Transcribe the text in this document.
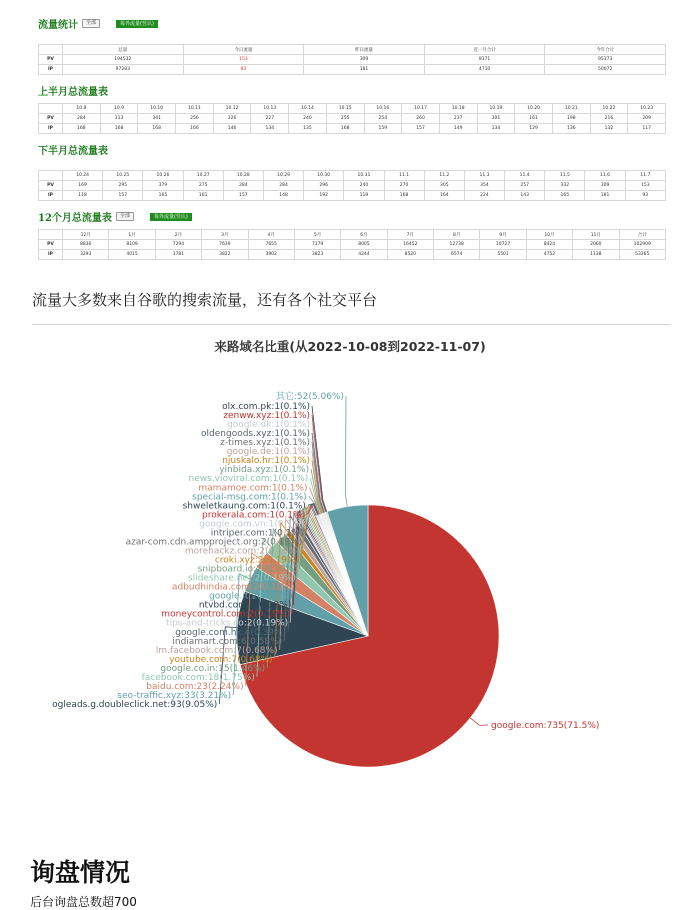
流量统计	全部	每外流量(竖认)
	总量	今日流量	昨日流量	近一月合计	今年合计
PV	194532	153	309	8371	95373
IP	97283	83	181	4710	50072
上半月总流量表
	10.8	10.9	10.10	10.11	10.12	10.13	10.14	10.15	10.16	10.17	10.18	10.19	10.20	10.21	10.22	10.23
PV	284	313	341	256	326	227	240	255	254	260	237	301	161	198	216	209
IP	168	168	168	166	146	134	135	168	159	157	149	134	129	136	132	117
下半月总流量表
	10.24	10.25	10.26	10.27	10.28	10.29	10.30	10.31	11.1	11.2	11.3	11.4	11.5	11.6	11.7
PV	169	295	379	275	284	284	296	240	270	305	354	257	332	309	153
IP	118	157	165	161	157	148	192	119	168	164	224	143	165	181	93
12个月总流量表	全部	每外流量(竖认)
	12月	1月	2月	3月	4月	5月	6月	7月	8月	9月	10月	11月	合计
PV	8836	8109	7294	7639	7655	7179	8005	16452	12738	10727	8424	2060	102909
IP	3293	4015	3781	3822	3902	3823	4244	8520	6574	5501	4752	1138	53365
流量大多数来自谷歌的搜索流量，还有各个社交平台
来路域名比重(从2022-10-08到2022-11-07)
google.com:735(71.5%)
ogleads.g.doubleclick.net:93(9.05%)
seo-traffic.xyz:33(3.21%)
baidu.com:23(2.24%)
facebook.com:18(1.75%)
google.co.in:15(1.46%)
youtube.com:7(0.68%)
lm.facebook.com:7(0.68%)
indiamart.com:6(0.58%)
google.com.hk:4(0.39%)
tips-and-tricks.co:2(0.19%)
moneycontrol.com:2(0.19%)
ntvbd.com:2(0.19%)
google.it:2(0.19%)
adbudhindia.com:2(0.19%)
slideshare.net:2(0.19%)
snipboard.io:2(0.19%)
croki.xyz:2(0.19%)
morehackz.com:2(0.19%)
azar-com.cdn.ampproject.org:2(0.19%)
intriper.com:1(0.1%)
google.com.vn:1(0.1%)
prokerala.com:1(0.1%)
shweletkaung.com:1(0.1%)
special-msg.com:1(0.1%)
mamamoe.com:1(0.1%)
news.vioviral.com:1(0.1%)
yinbida.xyz:1(0.1%)
njuskalo.hr:1(0.1%)
google.de:1(0.1%)
z-times.xyz:1(0.1%)
oldengoods.xyz:1(0.1%)
google.dk:1(0.1%)
zenww.xyz:1(0.1%)
olx.com.pk:1(0.1%)
其它:52(5.06%)
询盘情况
后台询盘总数超700
